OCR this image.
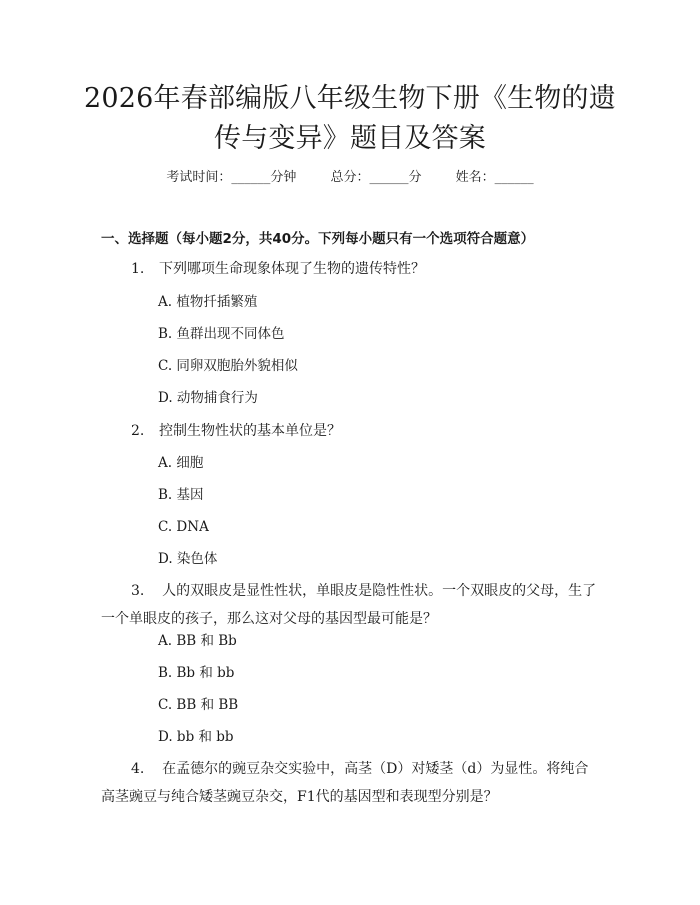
2026年春部编版八年级生物下册《生物的遗
传与变异》题目及答案
考试时间：______分钟	总分：______分	姓名：______
一、选择题（每小题2分，共40分。下列每小题只有一个选项符合题意）
1. 下列哪项生命现象体现了生物的遗传特性？
A. 植物扦插繁殖
B. 鱼群出现不同体色
C. 同卵双胞胎外貌相似
D. 动物捕食行为
2. 控制生物性状的基本单位是？
A. 细胞
B. 基因
C. DNA
D. 染色体
3. 人的双眼皮是显性性状，单眼皮是隐性性状。一个双眼皮的父母，生了一个单眼皮的孩子，那么这对父母的基因型最可能是？
A. BB 和 Bb
B. Bb 和 bb
C. BB 和 BB
D. bb 和 bb
4. 在孟德尔的豌豆杂交实验中，高茎（D）对矮茎（d）为显性。将纯合高茎豌豆与纯合矮茎豌豆杂交，F1代的基因型和表现型分别是？
